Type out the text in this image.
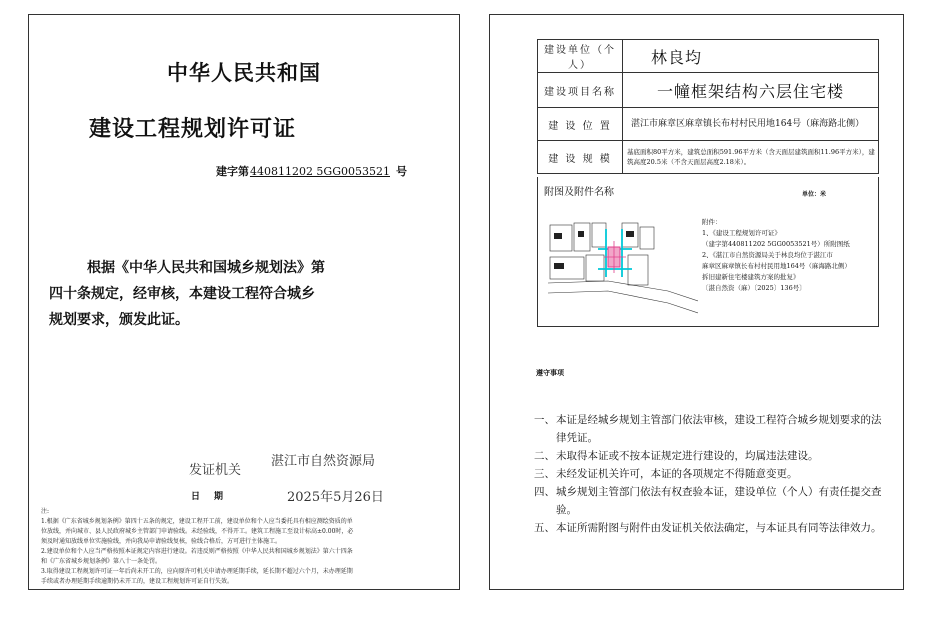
中华人民共和国
建设工程规划许可证
建字第440811202 5GG0053521 号
根据《中华人民共和国城乡规划法》第
四十条规定，经审核，本建设工程符合城乡
规划要求，颁发此证。
发证机关
湛江市自然资源局
日期	2025年5月26日
注:
1.根据《广东省城乡规划条例》第四十五条的规定，建设工程开工前，建设单位和个人应当委托具有相应测绘资质的单
位放线，并向城市、县人民政府城乡主管部门申请验线。未经验线，不得开工。建筑工程施工至设计标高±0.00时，必
须及时通知放线单位实施验线，并向我局申请验线复核，验线合格后，方可进行主体施工。
2.建设单位和个人应当严格按照本证规定内容进行建设。若违反则严格按照《中华人民共和国城乡规划法》第六十四条
和《广东省城乡规划条例》第八十一条处罚。
3.取得建设工程规划许可证一年后尚未开工的，应向原许可机关申请办理延期手续，延长期不超过六个月，未办理延期
手续或者办理延期手续逾期仍未开工的，建设工程规划许可证自行失效。
建设单位（个人）	林良均

建设项目名称	一幢框架结构六层住宅楼

建 设 位 置	湛江市麻章区麻章镇长布村村民用地164号（麻海路北侧）

建 设 规 模	基底面积80平方米，建筑总面积591.96平方米（含天面层建筑面积11.96平方米），建筑高度20.5米（不含天面层高度2.18米）。
附图及附件名称	单位：米
附件：
1、《建设工程规划许可证》
（建字第440811202 5GG0053521号）所附图纸
2、《湛江市自然资源局关于林良均位于湛江市
麻章区麻章镇长布村村民用地164号（麻海路北侧）
拆旧建新住宅楼建筑方案的批复》
〔湛自然资（麻）〔2025〕136号〕
遵守事项
一、 本证是经城乡规划主管部门依法审核，建设工程符合城乡规划要求的法律凭证。
二、 未取得本证或不按本证规定进行建设的，均属违法建设。
三、 未经发证机关许可，本证的各项规定不得随意变更。
四、 城乡规划主管部门依法有权查验本证，建设单位（个人）有责任提交查验。
五、 本证所需附图与附件由发证机关依法确定，与本证具有同等法律效力。
